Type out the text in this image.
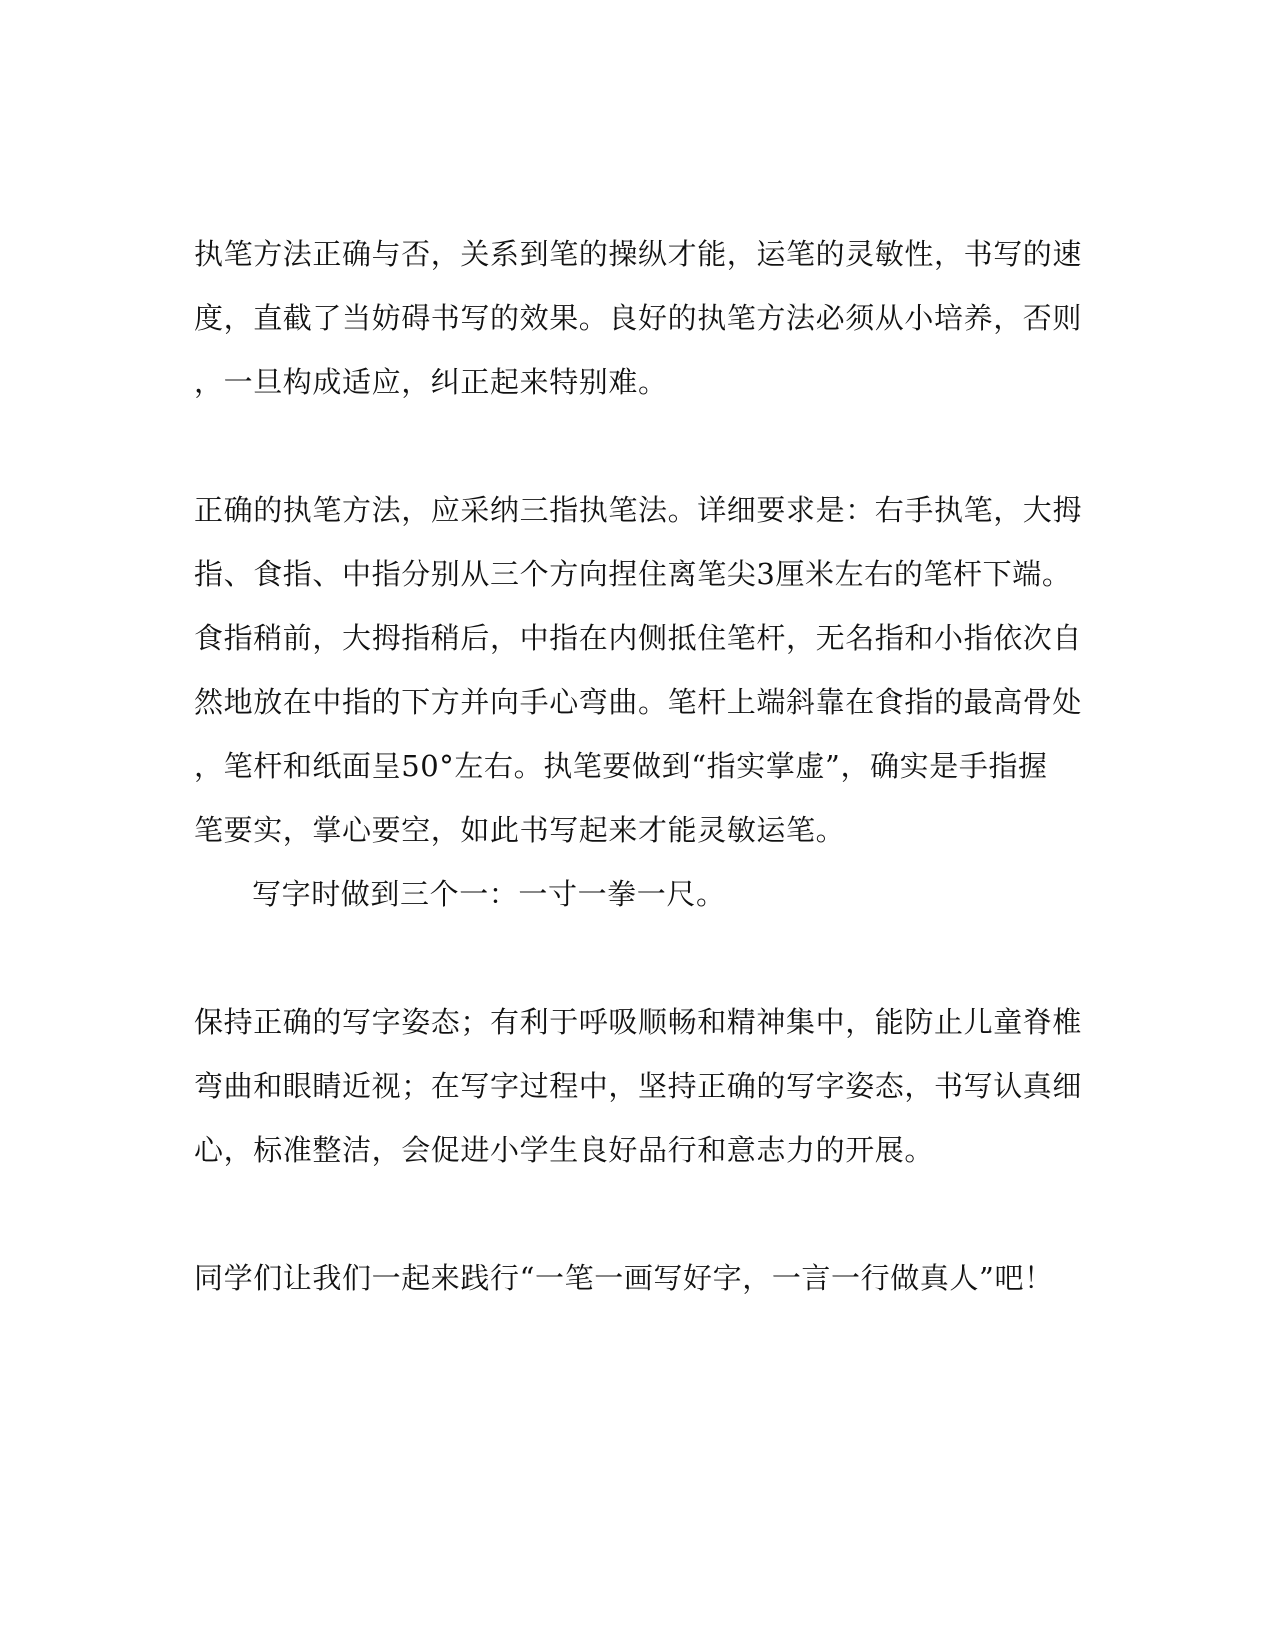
执笔方法正确与否，关系到笔的操纵才能，运笔的灵敏性，书写的速
度，直截了当妨碍书写的效果。良好的执笔方法必须从小培养，否则
，一旦构成适应，纠正起来特别难。
正确的执笔方法，应采纳三指执笔法。详细要求是：右手执笔，大拇
指、食指、中指分别从三个方向捏住离笔尖3厘米左右的笔杆下端。
食指稍前，大拇指稍后，中指在内侧抵住笔杆，无名指和小指依次自
然地放在中指的下方并向手心弯曲。笔杆上端斜靠在食指的最高骨处
，笔杆和纸面呈50°左右。执笔要做到“指实掌虚”，确实是手指握
笔要实，掌心要空，如此书写起来才能灵敏运笔。
写字时做到三个一：一寸一拳一尺。
保持正确的写字姿态；有利于呼吸顺畅和精神集中，能防止儿童脊椎
弯曲和眼睛近视；在写字过程中，坚持正确的写字姿态，书写认真细
心，标准整洁，会促进小学生良好品行和意志力的开展。
同学们让我们一起来践行“一笔一画写好字，一言一行做真人”吧！
